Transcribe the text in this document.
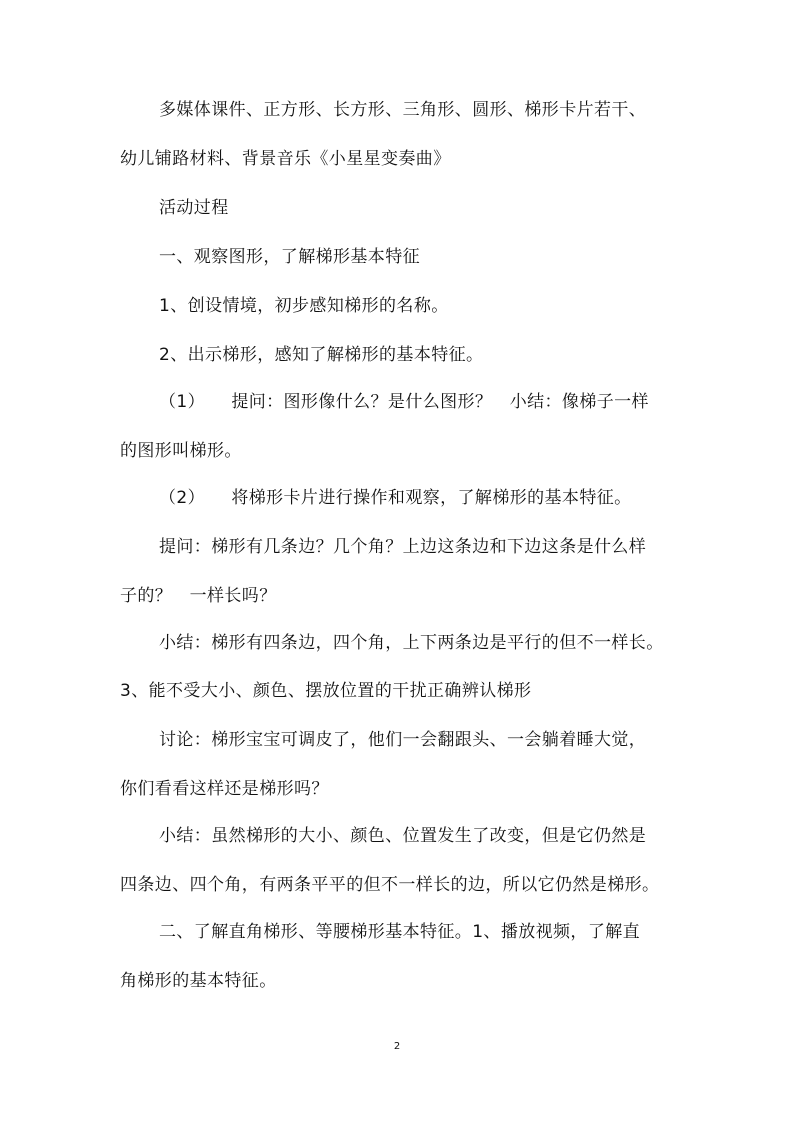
多媒体课件、正方形、长方形、三角形、圆形、梯形卡片若干、
幼儿铺路材料、背景音乐《小星星变奏曲》
活动过程
一、观察图形，了解梯形基本特征
1、创设情境，初步感知梯形的名称。
2、出示梯形，感知了解梯形的基本特征。
（1）　　提问：图形像什么？是什么图形？　小结：像梯子一样
的图形叫梯形。
（2）　　将梯形卡片进行操作和观察，了解梯形的基本特征。
提问：梯形有几条边？几个角？上边这条边和下边这条是什么样
子的？　一样长吗？
小结：梯形有四条边，四个角，上下两条边是平行的但不一样长。
3、能不受大小、颜色、摆放位置的干扰正确辨认梯形
讨论：梯形宝宝可调皮了，他们一会翻跟头、一会躺着睡大觉，
你们看看这样还是梯形吗？
小结：虽然梯形的大小、颜色、位置发生了改变，但是它仍然是
四条边、四个角，有两条平平的但不一样长的边，所以它仍然是梯形。
二、了解直角梯形、等腰梯形基本特征。1、播放视频，了解直
角梯形的基本特征。
2
